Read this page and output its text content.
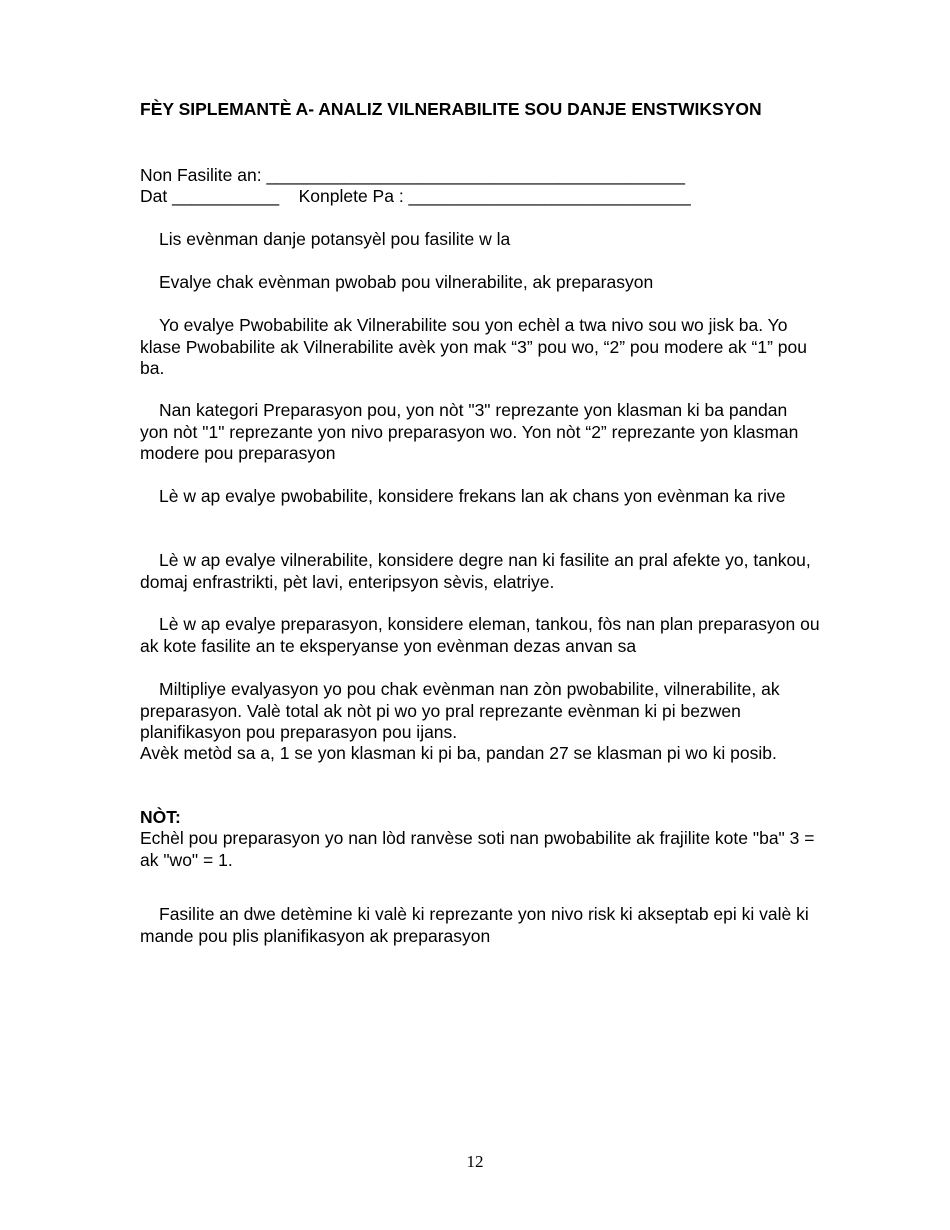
FÈY SIPLEMANTÈ A- ANALIZ VILNERABILITE SOU DANJE ENSTWIKSYON
Non Fasilite an: ___________________________________________
Dat ___________    Konplete Pa : _____________________________
Lis evènman danje potansyèl pou fasilite w la
Evalye chak evènman pwobab pou vilnerabilite, ak preparasyon
Yo evalye Pwobabilite ak Vilnerabilite sou yon echèl a twa nivo sou wo jisk ba. Yo klase Pwobabilite ak Vilnerabilite avèk yon mak “3” pou wo, “2” pou modere ak “1” pou ba.
Nan kategori Preparasyon pou, yon nòt "3" reprezante yon klasman ki ba pandan yon nòt "1" reprezante yon nivo preparasyon wo. Yon nòt “2” reprezante yon klasman modere pou preparasyon
Lè w ap evalye pwobabilite, konsidere frekans lan ak chans yon evènman ka rive
Lè w ap evalye vilnerabilite, konsidere degre nan ki fasilite an pral afekte yo, tankou, domaj enfrastrikti, pèt lavi, enteripsyon sèvis, elatriye.
Lè w ap evalye preparasyon, konsidere eleman, tankou, fòs nan plan preparasyon ou ak kote fasilite an te eksperyanse yon evènman dezas anvan sa
Miltipliye evalyasyon yo pou chak evènman nan zòn pwobabilite, vilnerabilite, ak preparasyon. Valè total ak nòt pi wo yo pral reprezante evènman ki pi bezwen planifikasyon pou preparasyon pou ijans.
Avèk metòd sa a, 1 se yon klasman ki pi ba, pandan 27 se klasman pi wo ki posib.
NÒT:
Echèl pou preparasyon yo nan lòd ranvèse soti nan pwobabilite ak frajilite kote "ba" 3 = ak "wo" = 1.
Fasilite an dwe detèmine ki valè ki reprezante yon nivo risk ki akseptab epi ki valè ki mande pou plis planifikasyon ak preparasyon
12
